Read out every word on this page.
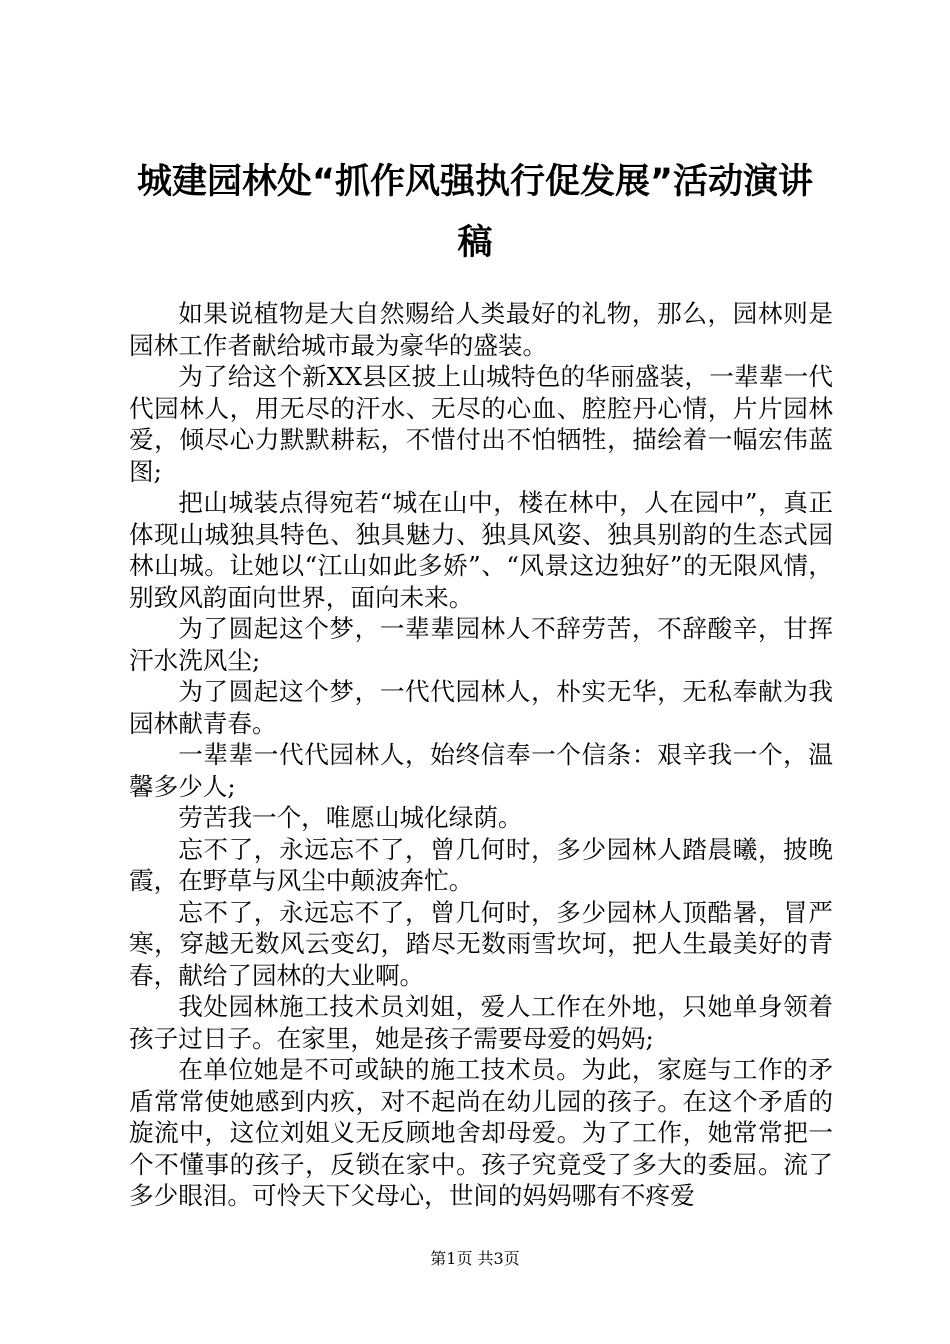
城建园林处“抓作风强执行促发展”活动演讲
稿

如果说植物是大自然赐给人类最好的礼物，那么，园林则是园林工作者献给城市最为豪华的盛装。

为了给这个新XX县区披上山城特色的华丽盛装，一辈辈一代代园林人，用无尽的汗水、无尽的心血、腔腔丹心情，片片园林爱，倾尽心力默默耕耘，不惜付出不怕牺牲，描绘着一幅宏伟蓝图;

把山城装点得宛若“城在山中，楼在林中，人在园中”，真正体现山城独具特色、独具魅力、独具风姿、独具别韵的生态式园林山城。让她以“江山如此多娇”、“风景这边独好”的无限风情，别致风韵面向世界，面向未来。

为了圆起这个梦，一辈辈园林人不辞劳苦，不辞酸辛，甘挥汗水洗风尘;

为了圆起这个梦，一代代园林人，朴实无华，无私奉献为我园林献青春。

一辈辈一代代园林人，始终信奉一个信条：艰辛我一个，温馨多少人;

劳苦我一个，唯愿山城化绿荫。

忘不了，永远忘不了，曾几何时，多少园林人踏晨曦，披晚霞，在野草与风尘中颠波奔忙。

忘不了，永远忘不了，曾几何时，多少园林人顶酷暑，冒严寒，穿越无数风云变幻，踏尽无数雨雪坎坷，把人生最美好的青春，献给了园林的大业啊。

我处园林施工技术员刘姐，爱人工作在外地，只她单身领着孩子过日子。在家里，她是孩子需要母爱的妈妈;

在单位她是不可或缺的施工技术员。为此，家庭与工作的矛盾常常使她感到内疚，对不起尚在幼儿园的孩子。在这个矛盾的旋流中，这位刘姐义无反顾地舍却母爱。为了工作，她常常把一个不懂事的孩子，反锁在家中。孩子究竟受了多大的委屈。流了多少眼泪。可怜天下父母心，世间的妈妈哪有不疼爱

第1页 共3页
